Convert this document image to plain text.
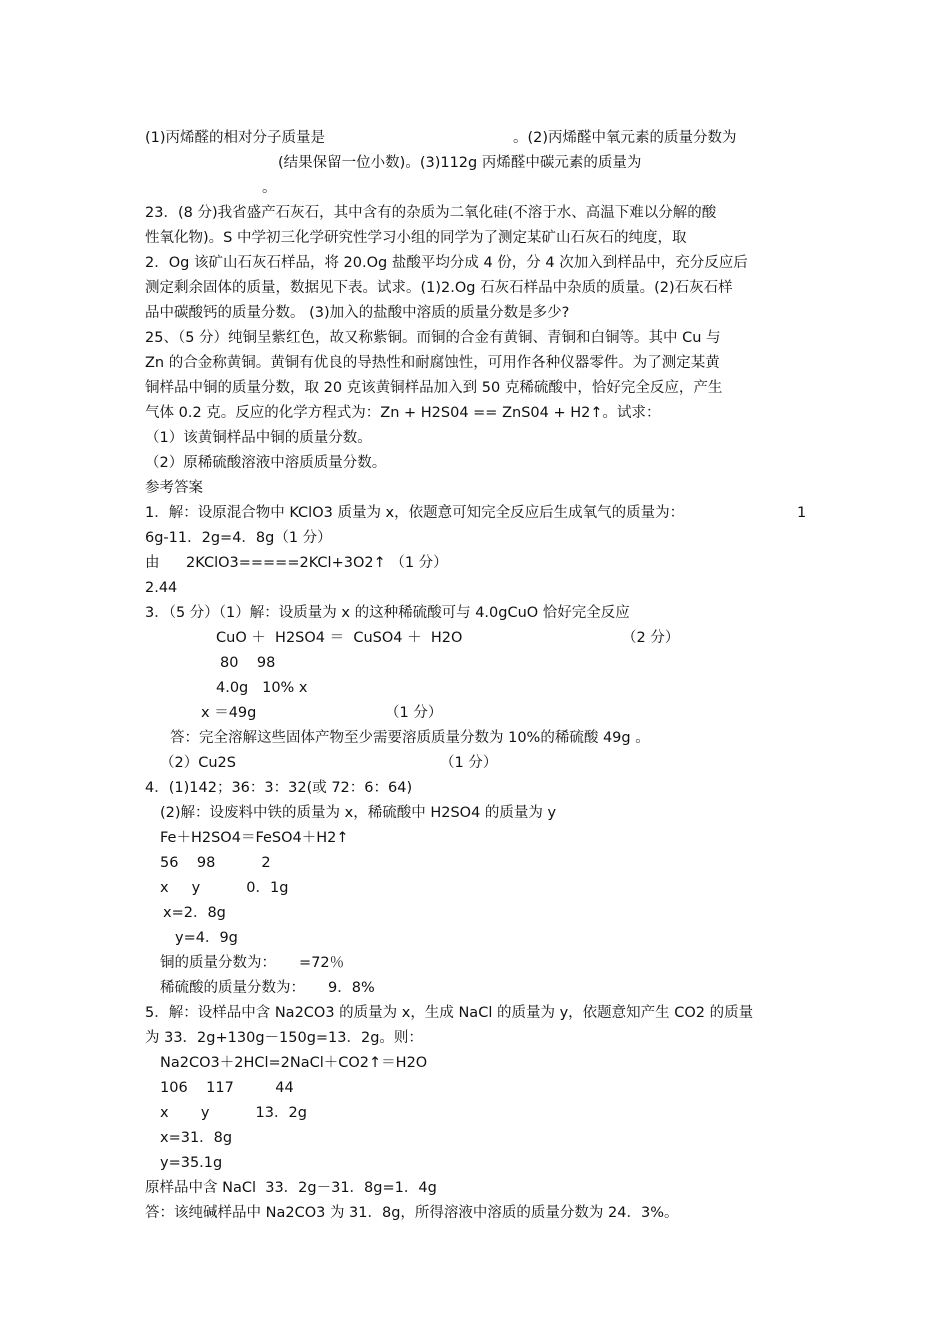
(1)丙烯醛的相对分子质量是	。(2)丙烯醛中氧元素的质量分数为
(结果保留一位小数)。(3)112g 丙烯醛中碳元素的质量为
。
23．(8 分)我省盛产石灰石，其中含有的杂质为二氧化硅(不溶于水、高温下难以分解的酸
性氧化物)。S 中学初三化学研究性学习小组的同学为了测定某矿山石灰石的纯度，取
2．Og 该矿山石灰石样品，将 20.Og 盐酸平均分成 4 份，分 4 次加入到样品中，充分反应后
测定剩余固体的质量，数据见下表。试求。(1)2.Og 石灰石样品中杂质的质量。(2)石灰石样
品中碳酸钙的质量分数。 (3)加入的盐酸中溶质的质量分数是多少?
25、（5 分）纯铜呈紫红色，故又称紫铜。而铜的合金有黄铜、青铜和白铜等。其中 Cu 与
Zn 的合金称黄铜。黄铜有优良的导热性和耐腐蚀性，可用作各种仪器零件。为了测定某黄
铜样品中铜的质量分数，取 20 克该黄铜样品加入到 50 克稀硫酸中，恰好完全反应，产生
气体 0.2 克。反应的化学方程式为：Zn + H2S04 == ZnS04 + H2↑。试求：
（1）该黄铜样品中铜的质量分数。
（2）原稀硫酸溶液中溶质质量分数。
参考答案
1．解：设原混合物中 KClO3 质量为 x，依题意可知完全反应后生成氧气的质量为：	1
6g-11．2g=4．8g（1 分）
由 2KClO3=====2KCl+3O2↑ （1 分）
2.44
3．（5 分）（1）解：设质量为 x 的这种稀硫酸可与 4.0gCuO 恰好完全反应
CuO ＋  H2SO4 ＝  CuSO4 ＋  H2O	（2 分）
80    98
4.0g   10% x
x ＝49g	（1 分）
答：完全溶解这些固体产物至少需要溶质质量分数为 10%的稀硫酸 49g 。
（2）Cu2S	（1 分）
4．(1)142；36：3：32(或 72：6：64)
(2)解：设废料中铁的质量为 x，稀硫酸中 H2SO4 的质量为 y
Fe＋H2SO4＝FeSO4＋H2↑
56    98          2
x     y          0．1g
x=2．8g
y=4．9g
铜的质量分数为：     =72％
稀硫酸的质量分数为：     9．8%
5．解：设样品中含 Na2CO3 的质量为 x，生成 NaCl 的质量为 y，依题意知产生 CO2 的质量
为 33．2g+130g－150g=13．2g。则：
Na2CO3＋2HCl=2NaCl＋CO2↑＝H2O
106    117         44
x       y          13．2g
x=31．8g
y=35.1g
原样品中含 NaCl  33．2g－31．8g=1．4g
答：该纯碱样品中 Na2CO3 为 31．8g，所得溶液中溶质的质量分数为 24．3%。
